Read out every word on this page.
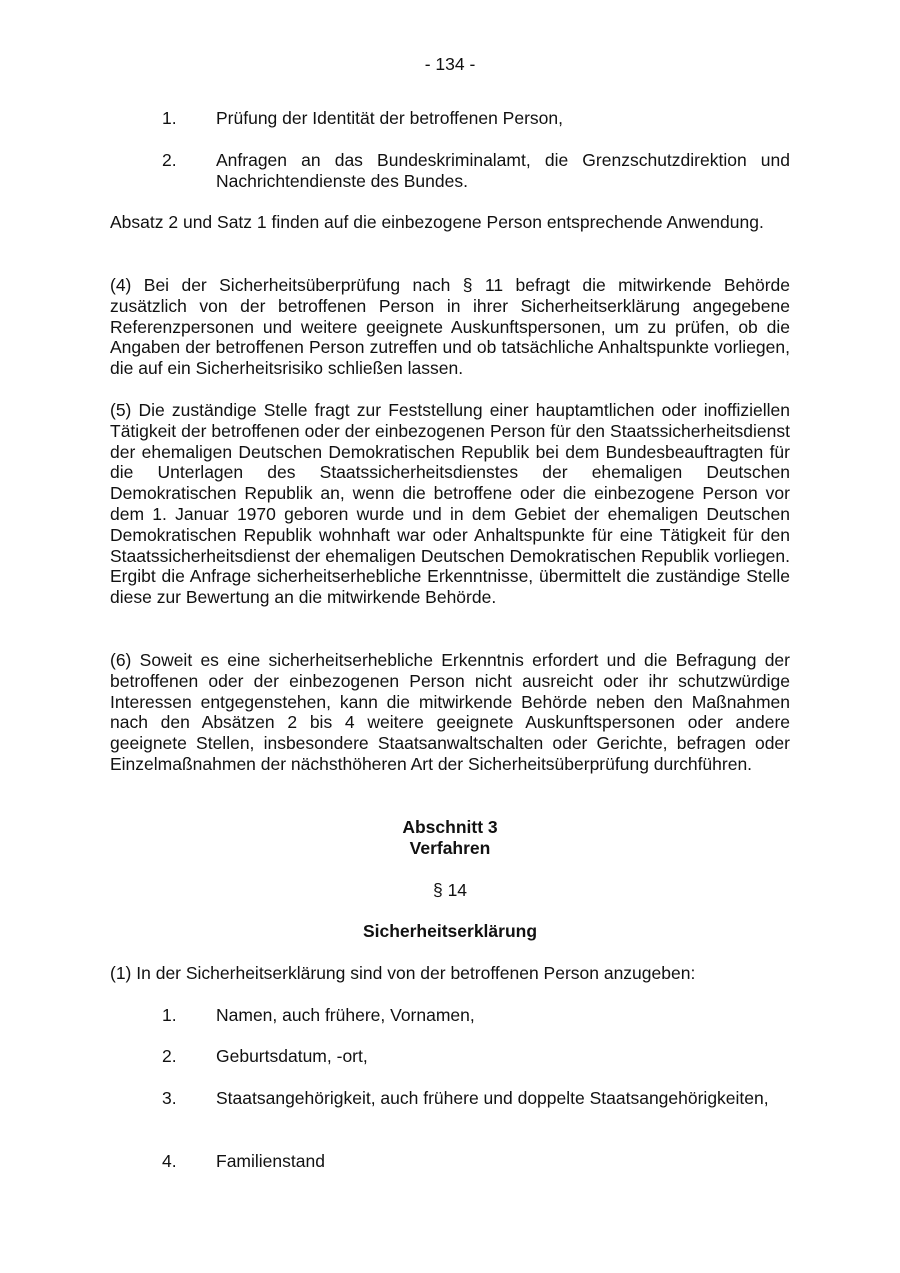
- 134 -
1.	Prüfung der Identität der betroffenen Person,
2.	Anfragen an das Bundeskriminalamt, die Grenzschutzdirektion und Nachrichtendienste des Bundes.
Absatz 2 und Satz 1 finden auf die einbezogene Person entsprechende Anwendung.
(4) Bei der Sicherheitsüberprüfung nach § 11 befragt die mitwirkende Behörde zusätzlich von der betroffenen Person in ihrer Sicherheitserklärung angegebene Referenzpersonen und weitere geeignete Auskunftspersonen, um zu prüfen, ob die Angaben der betroffenen Person zutreffen und ob tatsächliche Anhaltspunkte vorliegen, die auf ein Sicherheitsrisiko schließen lassen.
(5) Die zuständige Stelle fragt zur Feststellung einer hauptamtlichen oder inoffiziellen Tätigkeit der betroffenen oder der einbezogenen Person für den Staatssicherheitsdienst der ehemaligen Deutschen Demokratischen Republik bei dem Bundesbeauftragten für die Unterlagen des Staatssicherheitsdienstes der ehemaligen Deutschen Demokratischen Republik an, wenn die betroffene oder die einbezogene Person vor dem 1. Januar 1970 geboren wurde und in dem Gebiet der ehemaligen Deutschen Demokratischen Republik wohnhaft war oder Anhaltspunkte für eine Tätigkeit für den Staatssicherheitsdienst der ehemaligen Deutschen Demokratischen Republik vorliegen. Ergibt die Anfrage sicherheitserhebliche Erkenntnisse, übermittelt die zuständige Stelle diese zur Bewertung an die mitwirkende Behörde.
(6) Soweit es eine sicherheitserhebliche Erkenntnis erfordert und die Befragung der betroffenen oder der einbezogenen Person nicht ausreicht oder ihr schutzwürdige Interessen entgegenstehen, kann die mitwirkende Behörde neben den Maßnahmen nach den Absätzen 2 bis 4 weitere geeignete Auskunftspersonen oder andere geeignete Stellen, insbesondere Staatsanwaltschalten oder Gerichte, befragen oder Einzelmaßnahmen der nächsthöheren Art der Sicherheitsüberprüfung durchführen.
Abschnitt 3
Verfahren
§ 14
Sicherheitserklärung
(1) In der Sicherheitserklärung sind von der betroffenen Person anzugeben:
1.	Namen, auch frühere, Vornamen,
2.	Geburtsdatum, -ort,
3.	Staatsangehörigkeit, auch frühere und doppelte Staatsangehörigkeiten,
4.	Familienstand
